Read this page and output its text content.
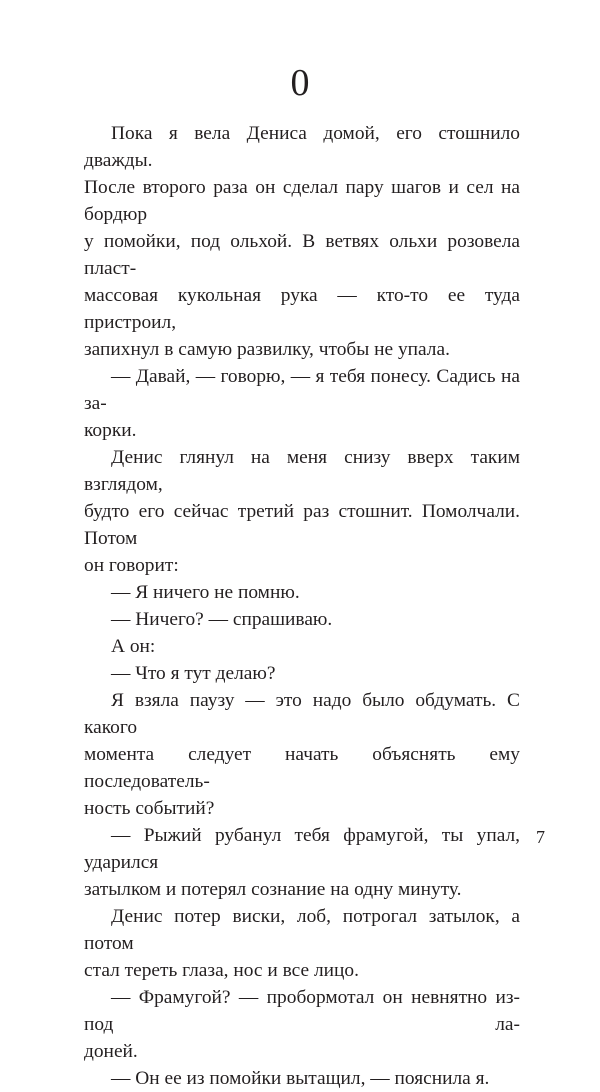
0

Пока я вела Дениса домой, его стошнило дважды.
После второго раза он сделал пару шагов и сел на бордюр
у помойки, под ольхой. В ветвях ольхи розовела пласт-
массовая кукольная рука — кто-то ее туда пристроил,
запихнул в самую развилку, чтобы не упала.

— Давай, — говорю, — я тебя понесу. Садись на за-
корки.

Денис глянул на меня снизу вверх таким взглядом,
будто его сейчас третий раз стошнит. Помолчали. Потом
он говорит:

— Я ничего не помню.

— Ничего? — спрашиваю.

А он:

— Что я тут делаю?

Я взяла паузу — это надо было обдумать. С какого
момента следует начать объяснять ему последователь-
ность событий?

— Рыжий рубанул тебя фрамугой, ты упал, ударился
затылком и потерял сознание на одну минуту.

Денис потер виски, лоб, потрогал затылок, а потом
стал тереть глаза, нос и все лицо.

— Фрамугой? — пробормотал он невнятно из-под ла-
доней.

— Он ее из помойки вытащил, — пояснила я.

7
